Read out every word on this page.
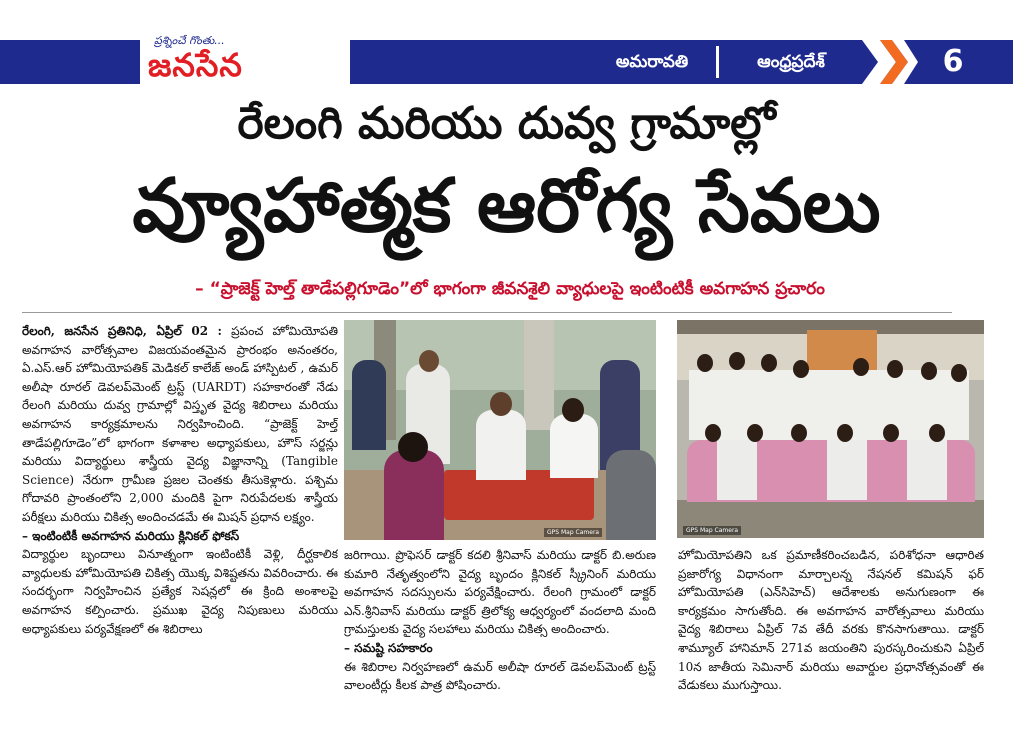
ప్రశ్నించే గొంతు...
జనసేన	అమరావతి	ఆంధ్రప్రదేశ్	6
రేలంగి మరియు దువ్వ గ్రామాల్లో
వ్యూహాత్మక ఆరోగ్య సేవలు
– “ప్రాజెక్ట్ హెల్త్ తాడేపల్లిగూడెం”లో భాగంగా జీవనశైలి వ్యాధులపై ఇంటింటికీ అవగాహన ప్రచారం

రేలంగి, జనసేన ప్రతినిధి, ఏప్రిల్ 02 : ప్రపంచ హోమియోపతి అవగాహన వారోత్సవాల విజయవంతమైన ప్రారంభం అనంతరం, ఏ.ఎస్.ఆర్ హోమియోపతిక్ మెడికల్ కాలేజ్ అండ్ హాస్పిటల్ , ఉమర్ అలీషా రూరల్ డెవలప్‌మెంట్ ట్రస్ట్ (UARDT) సహకారంతో నేడు రేలంగి మరియు దువ్వ గ్రామాల్లో విస్తృత వైద్య శిబిరాలు మరియు అవగాహన కార్యక్రమాలను నిర్వహించింది. “ప్రాజెక్ట్ హెల్త్ తాడేపల్లిగూడెం”లో భాగంగా కళాశాల అధ్యాపకులు, హౌస్ సర్జన్లు మరియు విద్యార్థులు శాస్త్రీయ వైద్య విజ్ఞానాన్ని (Tangible Science) నేరుగా గ్రామీణ ప్రజల చెంతకు తీసుకెళ్లారు. పశ్చిమ గోదావరి ప్రాంతంలోని 2,000 మందికి పైగా నిరుపేదలకు శాస్త్రీయ పరీక్షలు మరియు చికిత్స అందించడమే ఈ మిషన్ ప్రధాన లక్ష్యం.

– ఇంటింటికీ అవగాహన మరియు క్లినికల్ ఫోకస్

విద్యార్థుల బృందాలు వినూత్నంగా ఇంటింటికీ వెళ్లి, దీర్ఘకాలిక వ్యాధులకు హోమియోపతి చికిత్స యొక్క విశిష్టతను వివరించారు. ఈ సందర్భంగా నిర్వహించిన ప్రత్యేక సెషన్లలో ఈ క్రింది అంశాలపై అవగాహన కల్పించారు. ప్రముఖ వైద్య నిపుణులు మరియు అధ్యాపకులు పర్యవేక్షణలో ఈ శిబిరాలు

GPS Map Camera	GPS Map Camera

జరిగాయి. ప్రొఫెసర్ డాక్టర్ కదలి శ్రీనివాస్ మరియు డాక్టర్ బి.అరుణ కుమారి నేతృత్వంలోని వైద్య బృందం క్లినికల్ స్క్రీనింగ్ మరియు అవగాహన సదస్సులను పర్యవేక్షించారు. రేలంగి గ్రామంలో డాక్టర్ ఎన్.శ్రీనివాస్ మరియు డాక్టర్ త్రిలోక్య ఆధ్వర్యంలో వందలాది మంది గ్రామస్తులకు వైద్య సలహాలు మరియు చికిత్స అందించారు.

– సమష్టి సహకారం

ఈ శిబిరాల నిర్వహణలో ఉమర్ అలీషా రూరల్ డెవలప్‌మెంట్ ట్రస్ట్ వాలంటీర్లు కీలక పాత్ర పోషించారు.

హోమియోపతిని ఒక ప్రమాణీకరించబడిన, పరిశోధనా ఆధారిత ప్రజారోగ్య విధానంగా మార్చాలన్న నేషనల్ కమిషన్ ఫర్ హోమియోపతి (ఎన్‌సిహెచ్) ఆదేశాలకు అనుగుణంగా ఈ కార్యక్రమం సాగుతోంది. ఈ అవగాహన వారోత్సవాలు మరియు వైద్య శిబిరాలు ఏప్రిల్ 7వ తేదీ వరకు కొనసాగుతాయి. డాక్టర్ శామ్యూల్ హానిమాన్ 271వ జయంతిని పురస్కరించుకుని ఏప్రిల్ 10న జాతీయ సెమినార్ మరియు అవార్డుల ప్రధానోత్సవంతో ఈ వేడుకలు ముగుస్తాయి.
